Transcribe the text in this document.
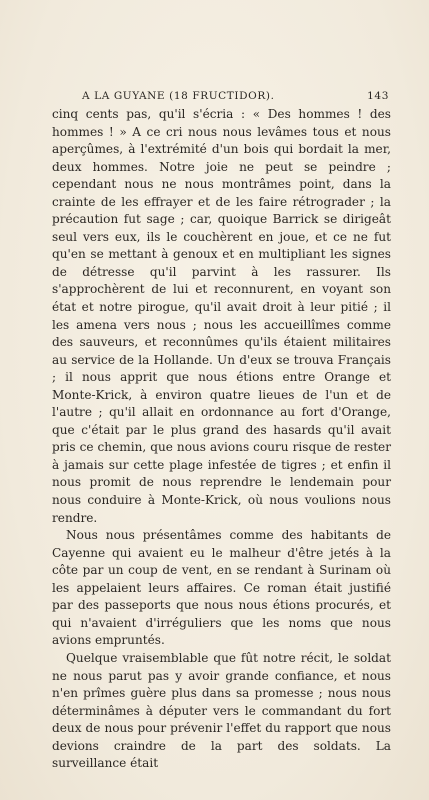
A LA GUYANE (18 FRUCTIDOR).	143

cinq cents pas, qu'il s'écria : « Des hommes ! des hommes ! » A ce cri nous nous levâmes tous et nous aperçûmes, à l'extrémité d'un bois qui bordait la mer, deux hommes. Notre joie ne peut se peindre ; cependant nous ne nous montrâmes point, dans la crainte de les effrayer et de les faire rétrograder ; la précaution fut sage ; car, quoique Barrick se dirigeât seul vers eux, ils le couchèrent en joue, et ce ne fut qu'en se mettant à genoux et en multipliant les signes de détresse qu'il parvint à les rassurer. Ils s'approchèrent de lui et reconnurent, en voyant son état et notre pirogue, qu'il avait droit à leur pitié ; il les amena vers nous ; nous les accueillîmes comme des sauveurs, et reconnûmes qu'ils étaient militaires au service de la Hollande. Un d'eux se trouva Français ; il nous apprit que nous étions entre Orange et Monte-Krick, à environ quatre lieues de l'un et de l'autre ; qu'il allait en ordonnance au fort d'Orange, que c'était par le plus grand des hasards qu'il avait pris ce chemin, que nous avions couru risque de rester à jamais sur cette plage infestée de tigres ; et enfin il nous promit de nous reprendre le lendemain pour nous conduire à Monte-Krick, où nous voulions nous rendre.

Nous nous présentâmes comme des habitants de Cayenne qui avaient eu le malheur d'être jetés à la côte par un coup de vent, en se rendant à Surinam où les appelaient leurs affaires. Ce roman était justifié par des passeports que nous nous étions procurés, et qui n'avaient d'irréguliers que les noms que nous avions empruntés.

Quelque vraisemblable que fût notre récit, le soldat ne nous parut pas y avoir grande confiance, et nous n'en prîmes guère plus dans sa promesse ; nous nous déterminâmes à députer vers le commandant du fort deux de nous pour prévenir l'effet du rapport que nous devions craindre de la part des soldats. La surveillance était
